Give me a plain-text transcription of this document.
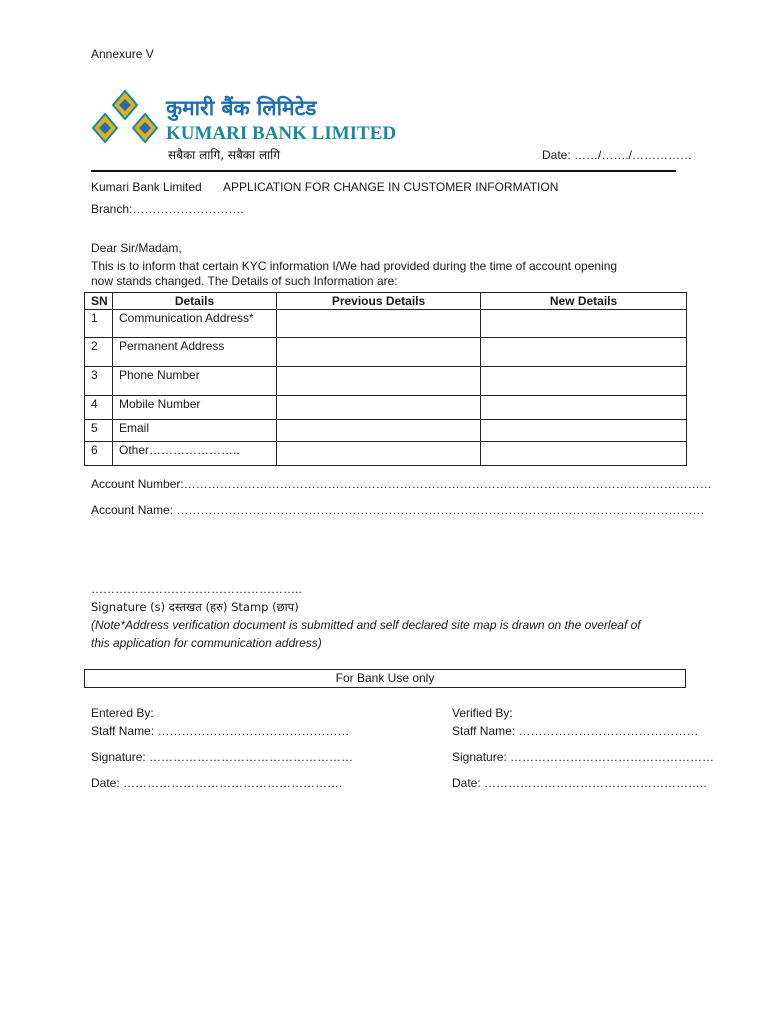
Annexure V
कुमारी बैंक लिमिटेड
KUMARI BANK LIMITED
सबैका लागि, सबैका लागि	Date: ……/……./……………
Kumari Bank Limited APPLICATION FOR CHANGE IN CUSTOMER INFORMATION
Branch:……………………….
Dear Sir/Madam,
This is to inform that certain KYC information I/We had provided during the time of account opening
now stands changed. The Details of such Information are:
SN	Details	Previous Details	New Details
1	Communication Address*		
2	Permanent Address		
3	Phone Number		
4	Mobile Number		
5	Email		
6	Other…………………..		
Account Number:……………………………………………………………………………………………………………………
Account Name: ……………………………………………………………………………………………………………………
……………………………………………..
Signature (s) दस्तखत (हरु) Stamp (छाप)
(Note*Address verification document is submitted and self declared site map is drawn on the overleaf of
this application for communication address)
For Bank Use only
Entered By:
Staff Name: …………………………………………
Signature: ……………………………………………
Date: ……………………………………………….
Verified By:
Staff Name: ………………………………………
Signature: ……………………………………………
Date: ………………………………………………..
